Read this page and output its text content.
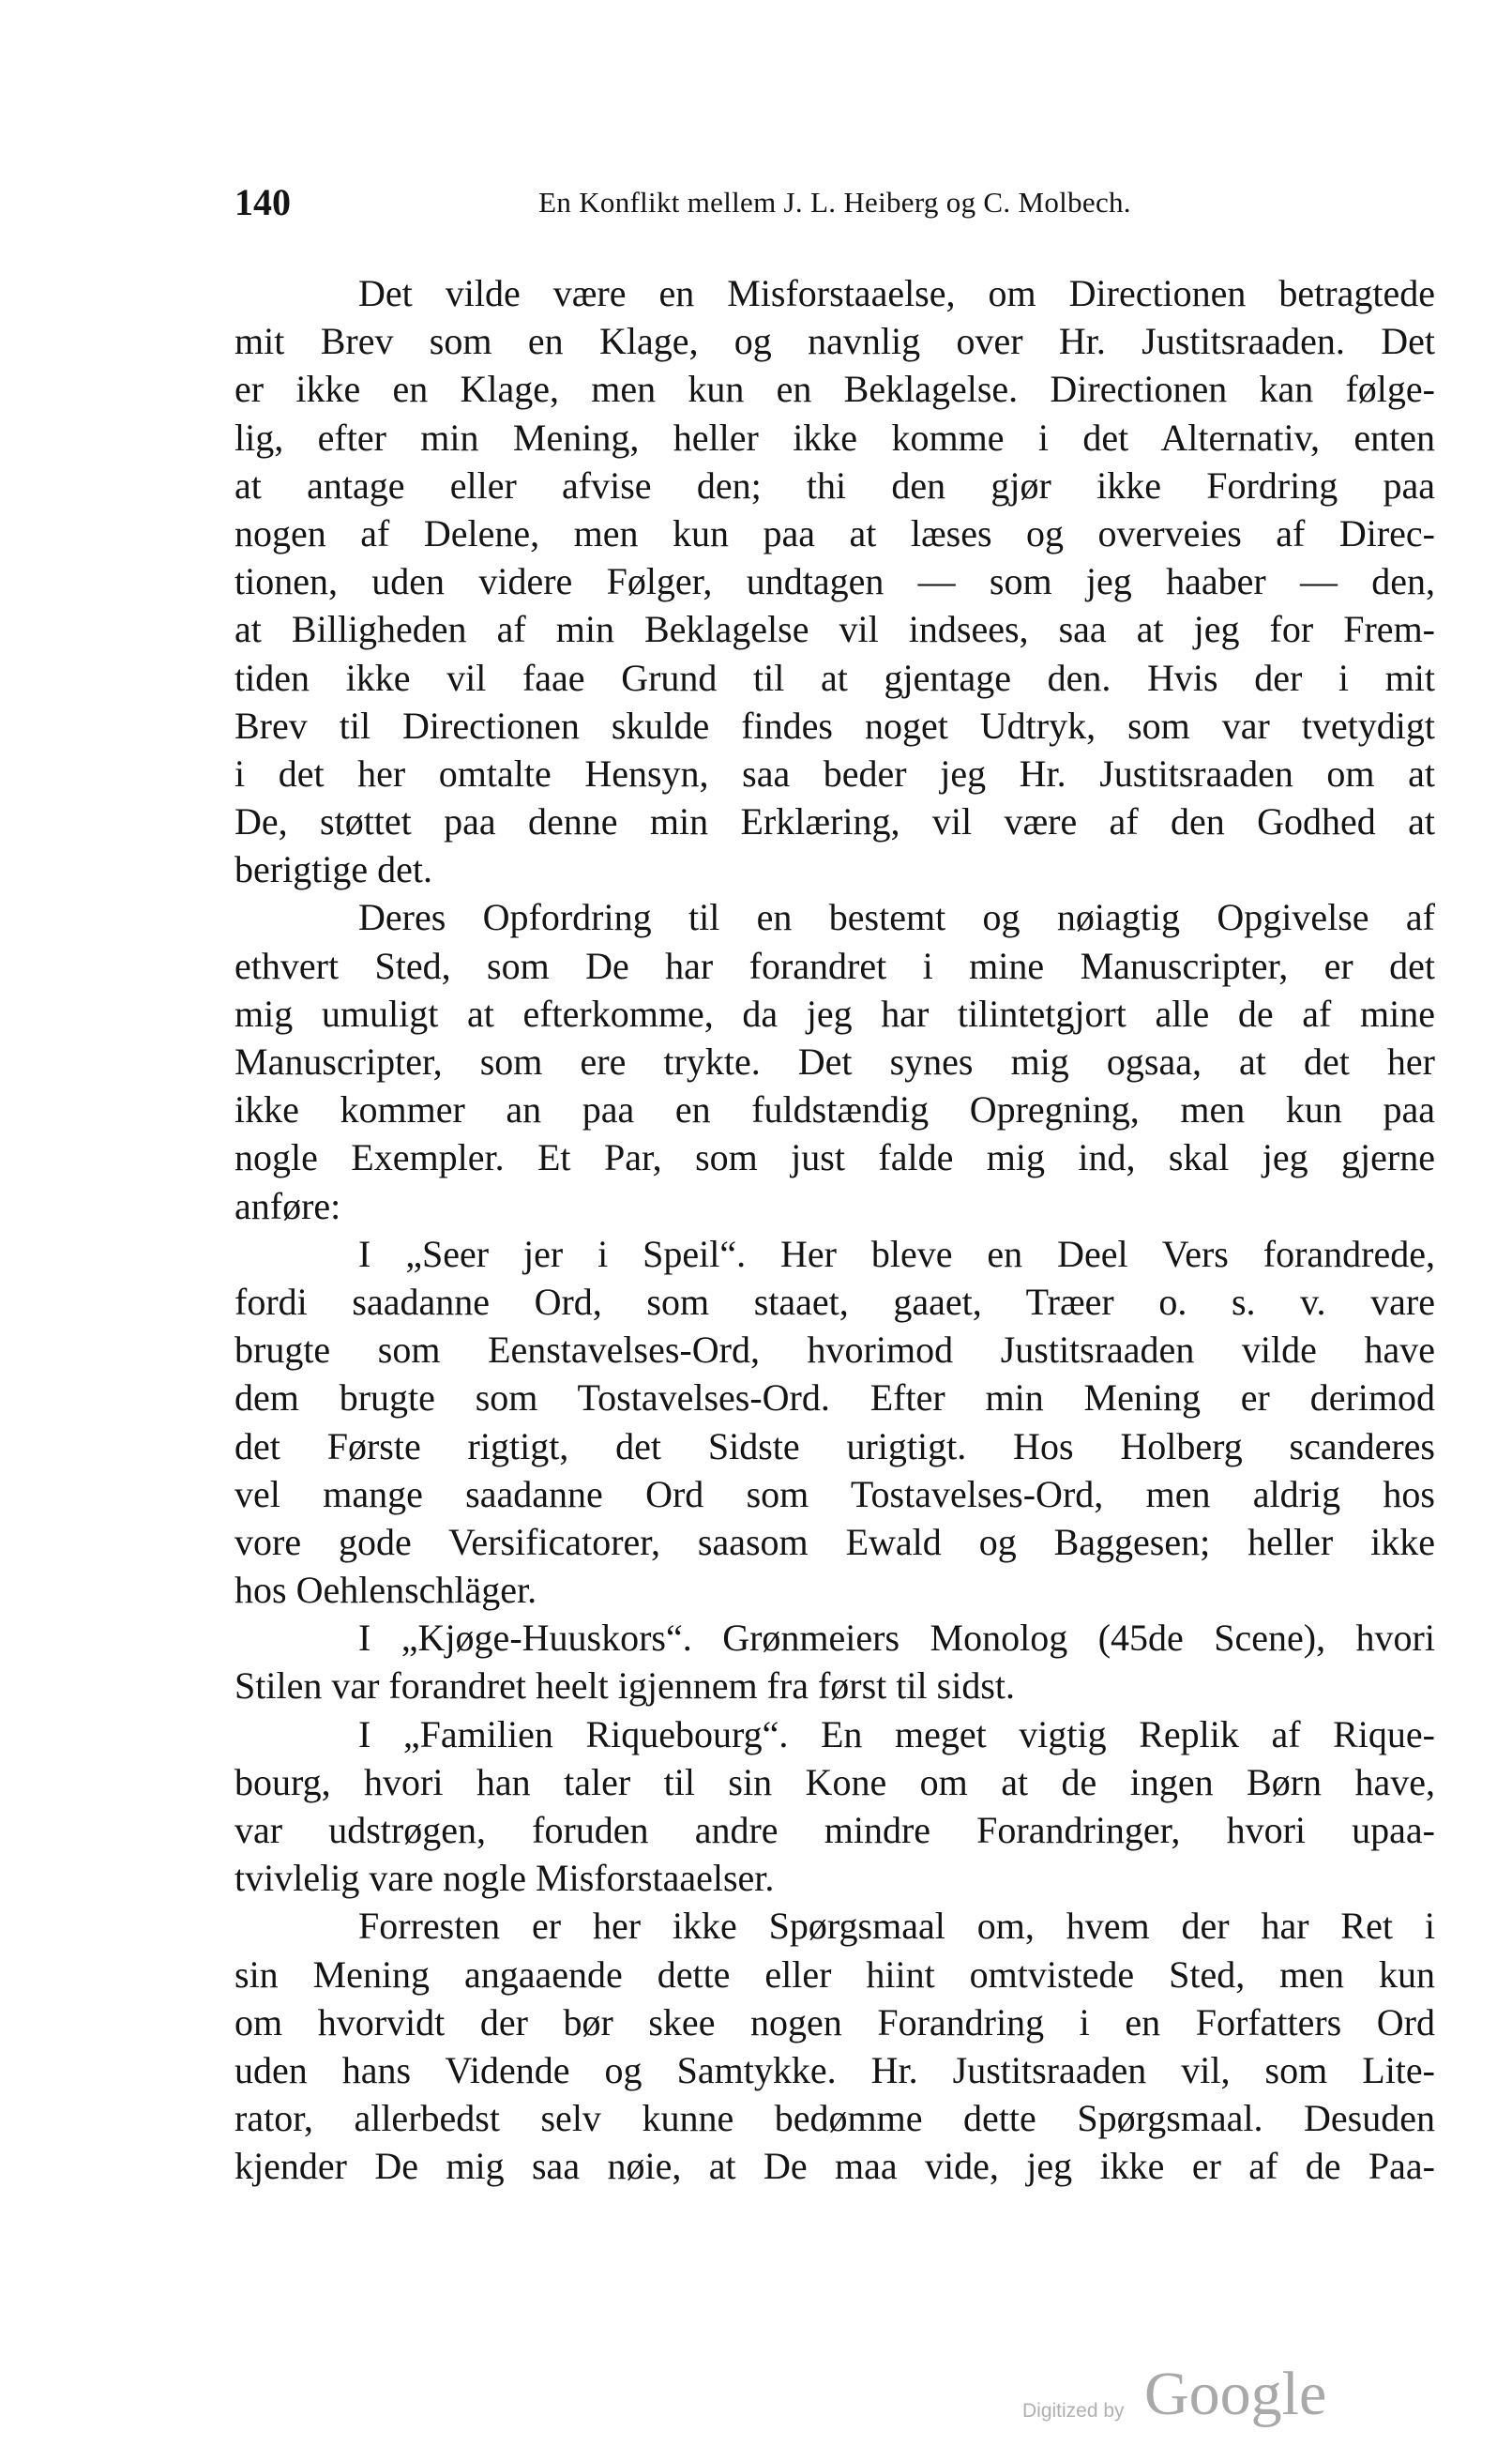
140	En Konflikt mellem J. L. Heiberg og C. Molbech.
Det vilde være en Misforstaaelse, om Directionen betragtede
mit Brev som en Klage, og navnlig over Hr. Justitsraaden. Det
er ikke en Klage, men kun en Beklagelse. Directionen kan følge-
lig, efter min Mening, heller ikke komme i det Alternativ, enten
at antage eller afvise den; thi den gjør ikke Fordring paa
nogen af Delene, men kun paa at læses og overveies af Direc-
tionen, uden videre Følger, undtagen — som jeg haaber — den,
at Billigheden af min Beklagelse vil indsees, saa at jeg for Frem-
tiden ikke vil faae Grund til at gjentage den. Hvis der i mit
Brev til Directionen skulde findes noget Udtryk, som var tvetydigt
i det her omtalte Hensyn, saa beder jeg Hr. Justitsraaden om at
De, støttet paa denne min Erklæring, vil være af den Godhed at
berigtige det.
Deres Opfordring til en bestemt og nøiagtig Opgivelse af
ethvert Sted, som De har forandret i mine Manuscripter, er det
mig umuligt at efterkomme, da jeg har tilintetgjort alle de af mine
Manuscripter, som ere trykte. Det synes mig ogsaa, at det her
ikke kommer an paa en fuldstændig Opregning, men kun paa
nogle Exempler. Et Par, som just falde mig ind, skal jeg gjerne
anføre:
I „Seer jer i Speil“. Her bleve en Deel Vers forandrede,
fordi saadanne Ord, som staaet, gaaet, Træer o. s. v. vare
brugte som Eenstavelses-Ord, hvorimod Justitsraaden vilde have
dem brugte som Tostavelses-Ord. Efter min Mening er derimod
det Første rigtigt, det Sidste urigtigt. Hos Holberg scanderes
vel mange saadanne Ord som Tostavelses-Ord, men aldrig hos
vore gode Versificatorer, saasom Ewald og Baggesen; heller ikke
hos Oehlenschläger.
I „Kjøge-Huuskors“. Grønmeiers Monolog (45de Scene), hvori
Stilen var forandret heelt igjennem fra først til sidst.
I „Familien Riquebourg“. En meget vigtig Replik af Rique-
bourg, hvori han taler til sin Kone om at de ingen Børn have,
var udstrøgen, foruden andre mindre Forandringer, hvori upaa-
tvivlelig vare nogle Misforstaaelser.
Forresten er her ikke Spørgsmaal om, hvem der har Ret i
sin Mening angaaende dette eller hiint omtvistede Sted, men kun
om hvorvidt der bør skee nogen Forandring i en Forfatters Ord
uden hans Vidende og Samtykke. Hr. Justitsraaden vil, som Lite-
rator, allerbedst selv kunne bedømme dette Spørgsmaal. Desuden
kjender De mig saa nøie, at De maa vide, jeg ikke er af de Paa-
Digitized by Google
